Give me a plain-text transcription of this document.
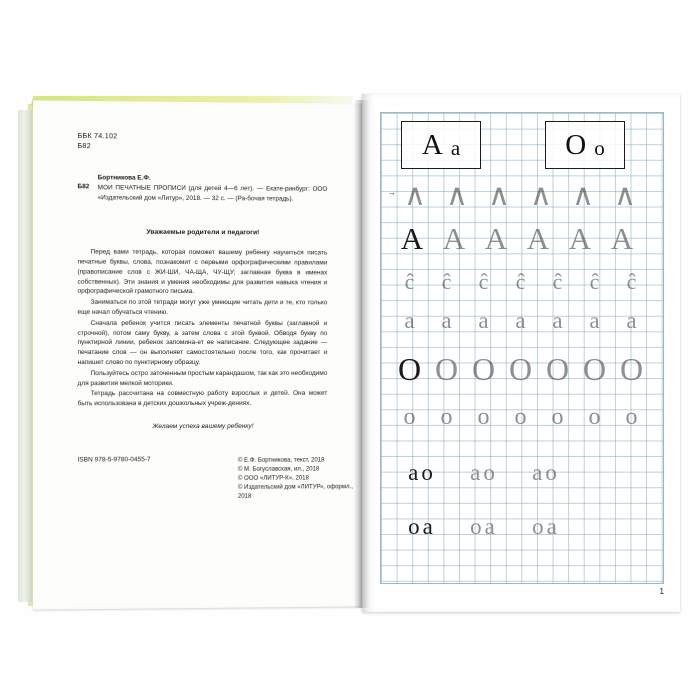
ББК 74.102
Б82
Б82
Бортникова Е.Ф.
МОИ ПЕЧАТНЫЕ ПРОПИСИ (для детей 4—6 лет). — Екате-ринбург: ООО «Издательский дом «Литур», 2018. — 32 с. — (Ра-бочая тетрадь).
Уважаемые родители и педагоги!
Перед вами тетрадь, которая поможет вашему ребенку научиться писать печатные буквы, слова, познакомит с первыми орфографическими правилами (правописание слов с ЖИ-ШИ, ЧА-ЩА, ЧУ-ЩУ; заглавная буква в именах собственных). Эти знания и умения необходимы для развития навыка чтения и орфографической грамотного письма.
Заниматься по этой тетради могут уже умеющие читать дети и те, кто только еще начал обучаться чтению.
Сначала ребенок учится писать элементы печатной буквы (заглавной и строчной), потом саму букву, а затем слова с этой буквой. Обводя букву по пунктирной линии, ребенок запомина-ет ее написание. Следующее задание — печатание слов — он выполняет самостоятельно после того, как прочитает и напишет слово по пунктирному образцу.
Пользуйтесь остро заточенным простым карандашом, так как это необходимо для развития мелкой моторики.
Тетрадь рассчитана на совместную работу взрослых и детей. Она может быть использована в детских дошкольных учреж-дениях.
Желаем успеха вашему ребенку!
ISBN 978-5-9780-0455-7	© Е.Ф. Бортникова, текст, 2018
© М. Богуславская, ил., 2018
© ООО «ЛИТУР-К», 2018
© Издательский дом «ЛИТУР», оформл.,
2018
А а	О о
→ ∧ ∧ ∧ ∧ ∧ ∧
А А А А А А
ĉ	ĉ	ĉ	ĉ	ĉ	ĉ	ĉ
а	а	а	а	а	а	а
О О О О О О О
о	о	о	о	о	о	о
ао	ао	ао
оа	оа	оа
1
